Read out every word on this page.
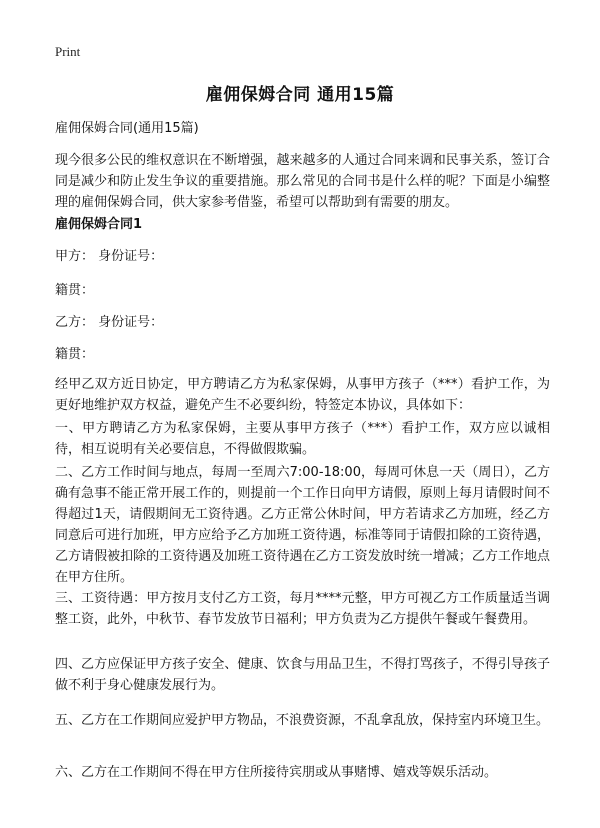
Print
雇佣保姆合同 通用15篇

雇佣保姆合同(通用15篇)

现今很多公民的维权意识在不断增强，越来越多的人通过合同来调和民事关系，签订合同是减少和防止发生争议的重要措施。那么常见的合同书是什么样的呢？下面是小编整理的雇佣保姆合同，供大家参考借鉴，希望可以帮助到有需要的朋友。

雇佣保姆合同1

甲方： 身份证号：

籍贯：

乙方： 身份证号：

籍贯：

经甲乙双方近日协定，甲方聘请乙方为私家保姆，从事甲方孩子（***）看护工作，为更好地维护双方权益，避免产生不必要纠纷，特签定本协议，具体如下：

一、甲方聘请乙方为私家保姆，主要从事甲方孩子（***）看护工作，双方应以诚相待，相互说明有关必要信息，不得做假欺骗。

二、乙方工作时间与地点，每周一至周六7:00-18:00，每周可休息一天（周日），乙方确有急事不能正常开展工作的，则提前一个工作日向甲方请假，原则上每月请假时间不得超过1天，请假期间无工资待遇。乙方正常公休时间，甲方若请求乙方加班，经乙方同意后可进行加班，甲方应给予乙方加班工资待遇，标准等同于请假扣除的工资待遇，乙方请假被扣除的工资待遇及加班工资待遇在乙方工资发放时统一增减；乙方工作地点在甲方住所。

三、工资待遇：甲方按月支付乙方工资，每月****元整，甲方可视乙方工作质量适当调整工资，此外，中秋节、春节发放节日福利；甲方负责为乙方提供午餐或午餐费用。

四、乙方应保证甲方孩子安全、健康、饮食与用品卫生，不得打骂孩子，不得引导孩子做不利于身心健康发展行为。

五、乙方在工作期间应爱护甲方物品，不浪费资源，不乱拿乱放，保持室内环境卫生。

六、乙方在工作期间不得在甲方住所接待宾朋或从事赌博、嬉戏等娱乐活动。
